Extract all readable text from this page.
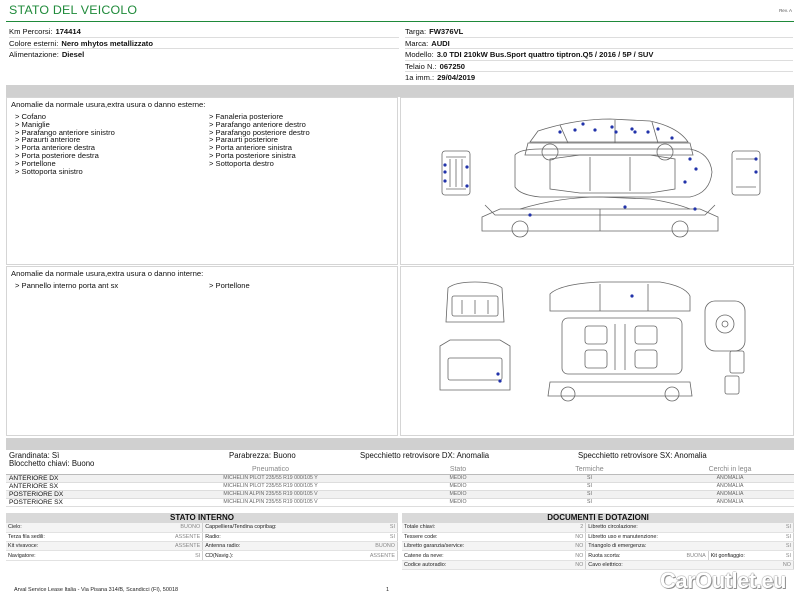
STATO DEL VEICOLO	Rev. A
Km Percorsi: 174414
Colore esterni: Nero mhytos metallizzato
Alimentazione: Diesel
Targa: FW376VL
Marca: AUDI
Modello: 3.0 TDI 210kW Bus.Sport quattro tiptron.Q5 / 2016 / 5P / SUV
Telaio N.: 067250
1a imm.: 29/04/2019
Anomalie da normale usura,extra usura o danno esterne:
> Cofano
> Maniglie
> Parafango anteriore sinistro
> Paraurti anteriore
> Porta anteriore destra
> Porta posteriore destra
> Portellone
> Sottoporta sinistro
> Fanaleria posteriore
> Parafango anteriore destro
> Parafango posteriore destro
> Paraurti posteriore
> Porta anteriore sinistra
> Porta posteriore sinistra
> Sottoporta destro
Anomalie da normale usura,extra usura o danno interne:
> Pannello interno porta ant sx	> Portellone
Grandinata: Sì
Blocchetto chiavi: Buono
Parabrezza: Buono	Specchietto retrovisore DX: Anomalia	Specchietto retrovisore SX: Anomalia
	Pneumatico	Stato	Termiche	Cerchi in lega
ANTERIORE DX	MICHELIN PILOT 235/55 R19 000/105 Y	MEDIO	SI	ANOMALIA
ANTERIORE SX	MICHELIN PILOT 235/55 R19 000/105 Y	MEDIO	SI	ANOMALIA
POSTERIORE DX	MICHELIN ALPIN 235/55 R19 000/105 V	MEDIO	SI	ANOMALIA
POSTERIORE SX	MICHELIN ALPIN 235/55 R19 000/105 V	MEDIO	SI	ANOMALIA
STATO INTERNO
Cielo:	BUONO	Cappelliera/Tendina copribag:	SI
Terza fila sedili:	ASSENTE	Radio:	SI
Kit vivavoce:	ASSENTE	Antenna radio:	BUONO
Navigatore:	SI	CD(Navig.):	ASSENTE
DOCUMENTI E DOTAZIONI
Totale chiavi:	2	Libretto circolazione:			SI
Tessere code:	NO	Libretto uso e manutenzione:			SI
Libretto garanzia/service:	NO	Triangolo di emergenza:			SI
Catene da neve:	NO	Ruota scorta:	BUONA	Kit gonfiaggio:	SI
Codice autoradio:	NO	Cavo elettrico:			NO
Arval Service Lease Italia - Via Pisana 314/B, Scandicci (FI), 50018	1	CarOutlet.eu
